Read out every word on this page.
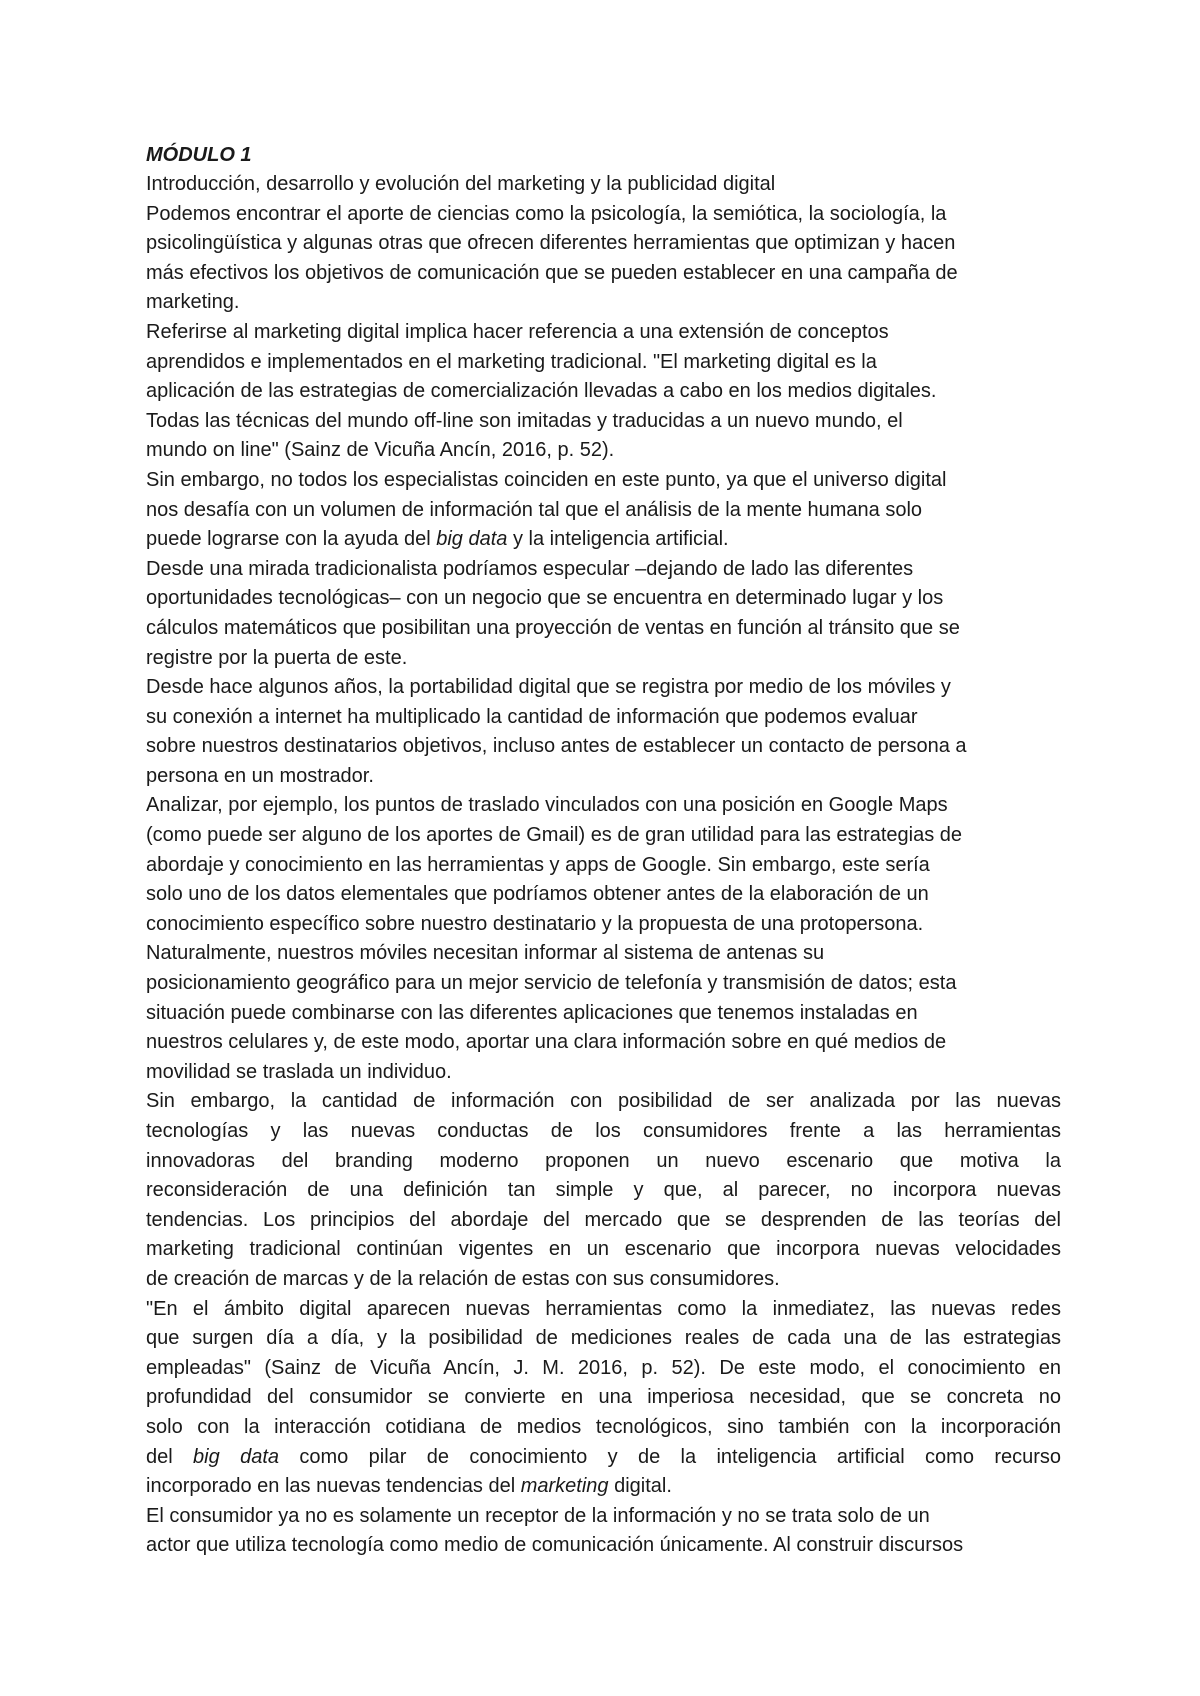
MÓDULO 1

Introducción, desarrollo y evolución del marketing y la publicidad digital

Podemos encontrar el aporte de ciencias como la psicología, la semiótica, la sociología, la
psicolingüística y algunas otras que ofrecen diferentes herramientas que optimizan y hacen
más efectivos los objetivos de comunicación que se pueden establecer en una campaña de
marketing.

Referirse al marketing digital implica hacer referencia a una extensión de conceptos
aprendidos e implementados en el marketing tradicional. "El marketing digital es la
aplicación de las estrategias de comercialización llevadas a cabo en los medios digitales.
Todas las técnicas del mundo off-line son imitadas y traducidas a un nuevo mundo, el
mundo on line" (Sainz de Vicuña Ancín, 2016, p. 52).

Sin embargo, no todos los especialistas coinciden en este punto, ya que el universo digital
nos desafía con un volumen de información tal que el análisis de la mente humana solo
puede lograrse con la ayuda del big data y la inteligencia artificial.

Desde una mirada tradicionalista podríamos especular –dejando de lado las diferentes
oportunidades tecnológicas– con un negocio que se encuentra en determinado lugar y los
cálculos matemáticos que posibilitan una proyección de ventas en función al tránsito que se
registre por la puerta de este.

Desde hace algunos años, la portabilidad digital que se registra por medio de los móviles y
su conexión a internet ha multiplicado la cantidad de información que podemos evaluar
sobre nuestros destinatarios objetivos, incluso antes de establecer un contacto de persona a
persona en un mostrador.

Analizar, por ejemplo, los puntos de traslado vinculados con una posición en Google Maps
(como puede ser alguno de los aportes de Gmail) es de gran utilidad para las estrategias de
abordaje y conocimiento en las herramientas y apps de Google. Sin embargo, este sería
solo uno de los datos elementales que podríamos obtener antes de la elaboración de un
conocimiento específico sobre nuestro destinatario y la propuesta de una protopersona.

Naturalmente, nuestros móviles necesitan informar al sistema de antenas su
posicionamiento geográfico para un mejor servicio de telefonía y transmisión de datos; esta
situación puede combinarse con las diferentes aplicaciones que tenemos instaladas en
nuestros celulares y, de este modo, aportar una clara información sobre en qué medios de
movilidad se traslada un individuo.

Sin embargo, la cantidad de información con posibilidad de ser analizada por las nuevas
tecnologías y las nuevas conductas de los consumidores frente a las herramientas
innovadoras del branding moderno proponen un nuevo escenario que motiva la
reconsideración de una definición tan simple y que, al parecer, no incorpora nuevas
tendencias. Los principios del abordaje del mercado que se desprenden de las teorías del
marketing tradicional continúan vigentes en un escenario que incorpora nuevas velocidades
de creación de marcas y de la relación de estas con sus consumidores.

"En el ámbito digital aparecen nuevas herramientas como la inmediatez, las nuevas redes
que surgen día a día, y la posibilidad de mediciones reales de cada una de las estrategias
empleadas" (Sainz de Vicuña Ancín, J. M. 2016, p. 52). De este modo, el conocimiento en
profundidad del consumidor se convierte en una imperiosa necesidad, que se concreta no
solo con la interacción cotidiana de medios tecnológicos, sino también con la incorporación
del big data como pilar de conocimiento y de la inteligencia artificial como recurso
incorporado en las nuevas tendencias del marketing digital.

El consumidor ya no es solamente un receptor de la información y no se trata solo de un
actor que utiliza tecnología como medio de comunicación únicamente. Al construir discursos
